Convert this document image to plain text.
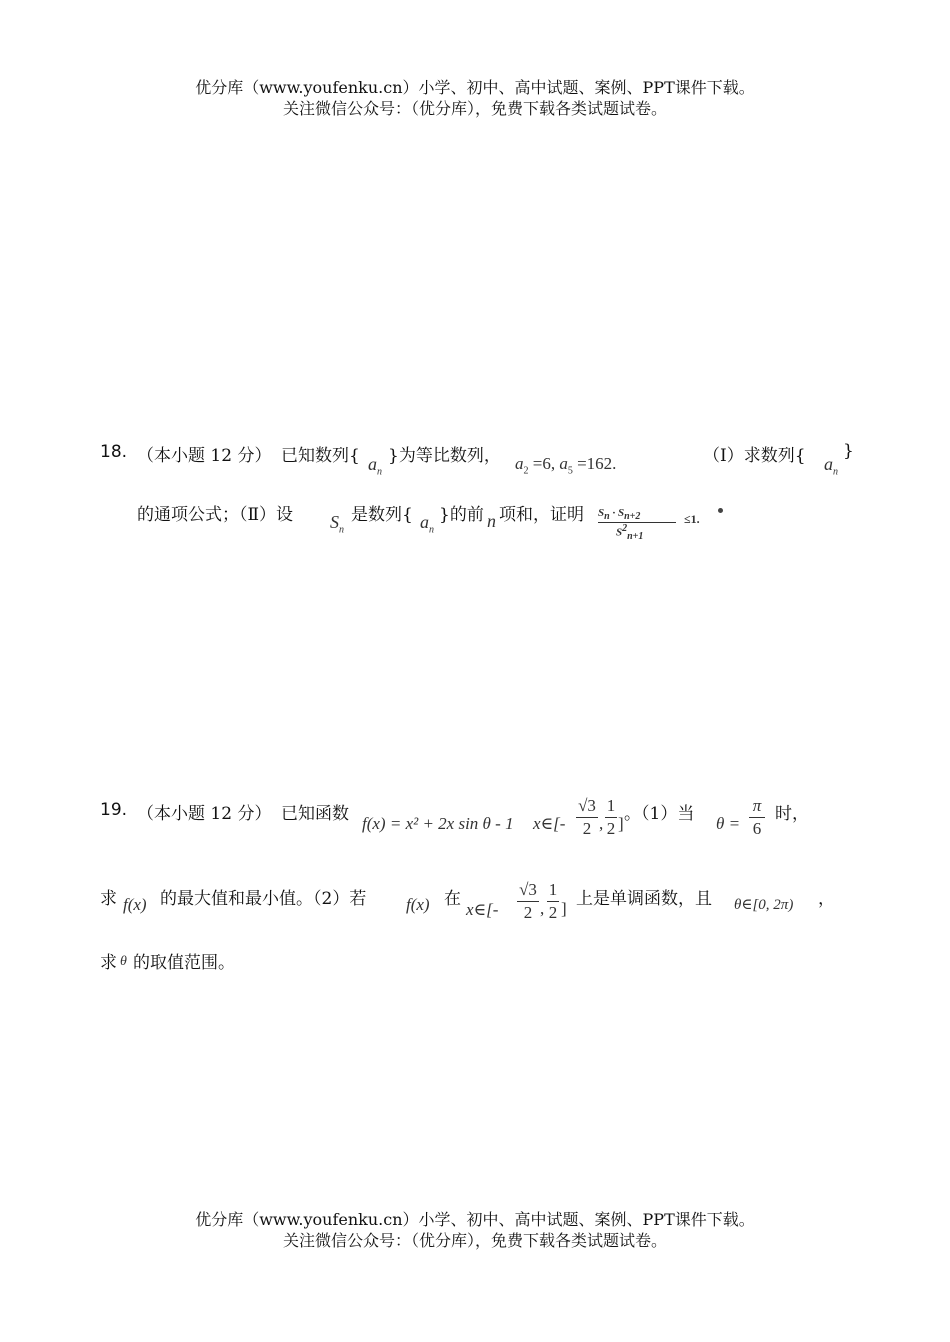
优分库（www.youfenku.cn）小学、初中、高中试题、案例、PPT课件下载。
关注微信公众号：（优分库），免费下载各类试题试卷。
18. （本小题 12 分） 已知数列{ $a_n$
}为等比数列， $a_2 =6$, $a_5 =162$.	（Ⅰ）求数列{ $a_n$
}
的通项公式；（Ⅱ）设 $S_n$
是数列{ $a_n$
}的前 n 项和，证明 $S_n \cdot S_{n+2}$
$S^2_{n+1}$
≤1.
19. （本小题 12 分） 已知函数 f(x) = x² + 2x sin θ - 1 x∈[-
√3
2 ,
1
2 ] 。（1）当 θ =
π
6
时，
求 f(x) 的最大值和最小值。（2）若 f(x) 在
x∈[-
√3
2 ,
1
2 ] 上是单调函数，且 θ∈[0, 2π) ，
求 θ 的取值范围。
优分库（www.youfenku.cn）小学、初中、高中试题、案例、PPT课件下载。
关注微信公众号：（优分库），免费下载各类试题试卷。
